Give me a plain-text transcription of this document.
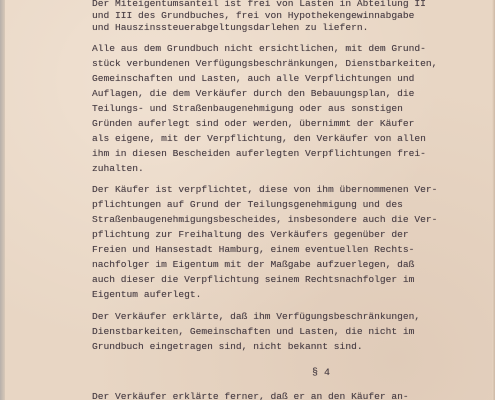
Der Miteigentumsanteil ist frei von Lasten in Abteilung II
und III des Grundbuches, frei von Hypothekengewinnabgabe
und Hauszinssteuerabgeltungsdarlehen zu liefern.
Alle aus dem Grundbuch nicht ersichtlichen, mit dem Grund-
stück verbundenen Verfügungsbeschränkungen, Dienstbarkeiten,
Gemeinschaften und Lasten, auch alle Verpflichtungen und
Auflagen, die dem Verkäufer durch den Bebauungsplan, die
Teilungs- und Straßenbaugenehmigung oder aus sonstigen
Gründen auferlegt sind oder werden, übernimmt der Käufer
als eigene, mit der Verpflichtung, den Verkäufer von allen
ihm in diesen Bescheiden auferlegten Verpflichtungen frei-
zuhalten.
Der Käufer ist verpflichtet, diese von ihm übernommenen Ver-
pflichtungen auf Grund der Teilungsgenehmigung und des
Straßenbaugenehmigungsbescheides, insbesondere auch die Ver-
pflichtung zur Freihaltung des Verkäufers gegenüber der
Freien und Hansestadt Hamburg, einem eventuellen Rechts-
nachfolger im Eigentum mit der Maßgabe aufzuerlegen, daß
auch dieser die Verpflichtung seinem Rechtsnachfolger im
Eigentum auferlegt.
Der Verkäufer erklärte, daß ihm Verfügungsbeschränkungen,
Dienstbarkeiten, Gemeinschaften und Lasten, die nicht im
Grundbuch eingetragen sind, nicht bekannt sind.
§ 4
Der Verkäufer erklärte ferner, daß er an den Käufer an-
